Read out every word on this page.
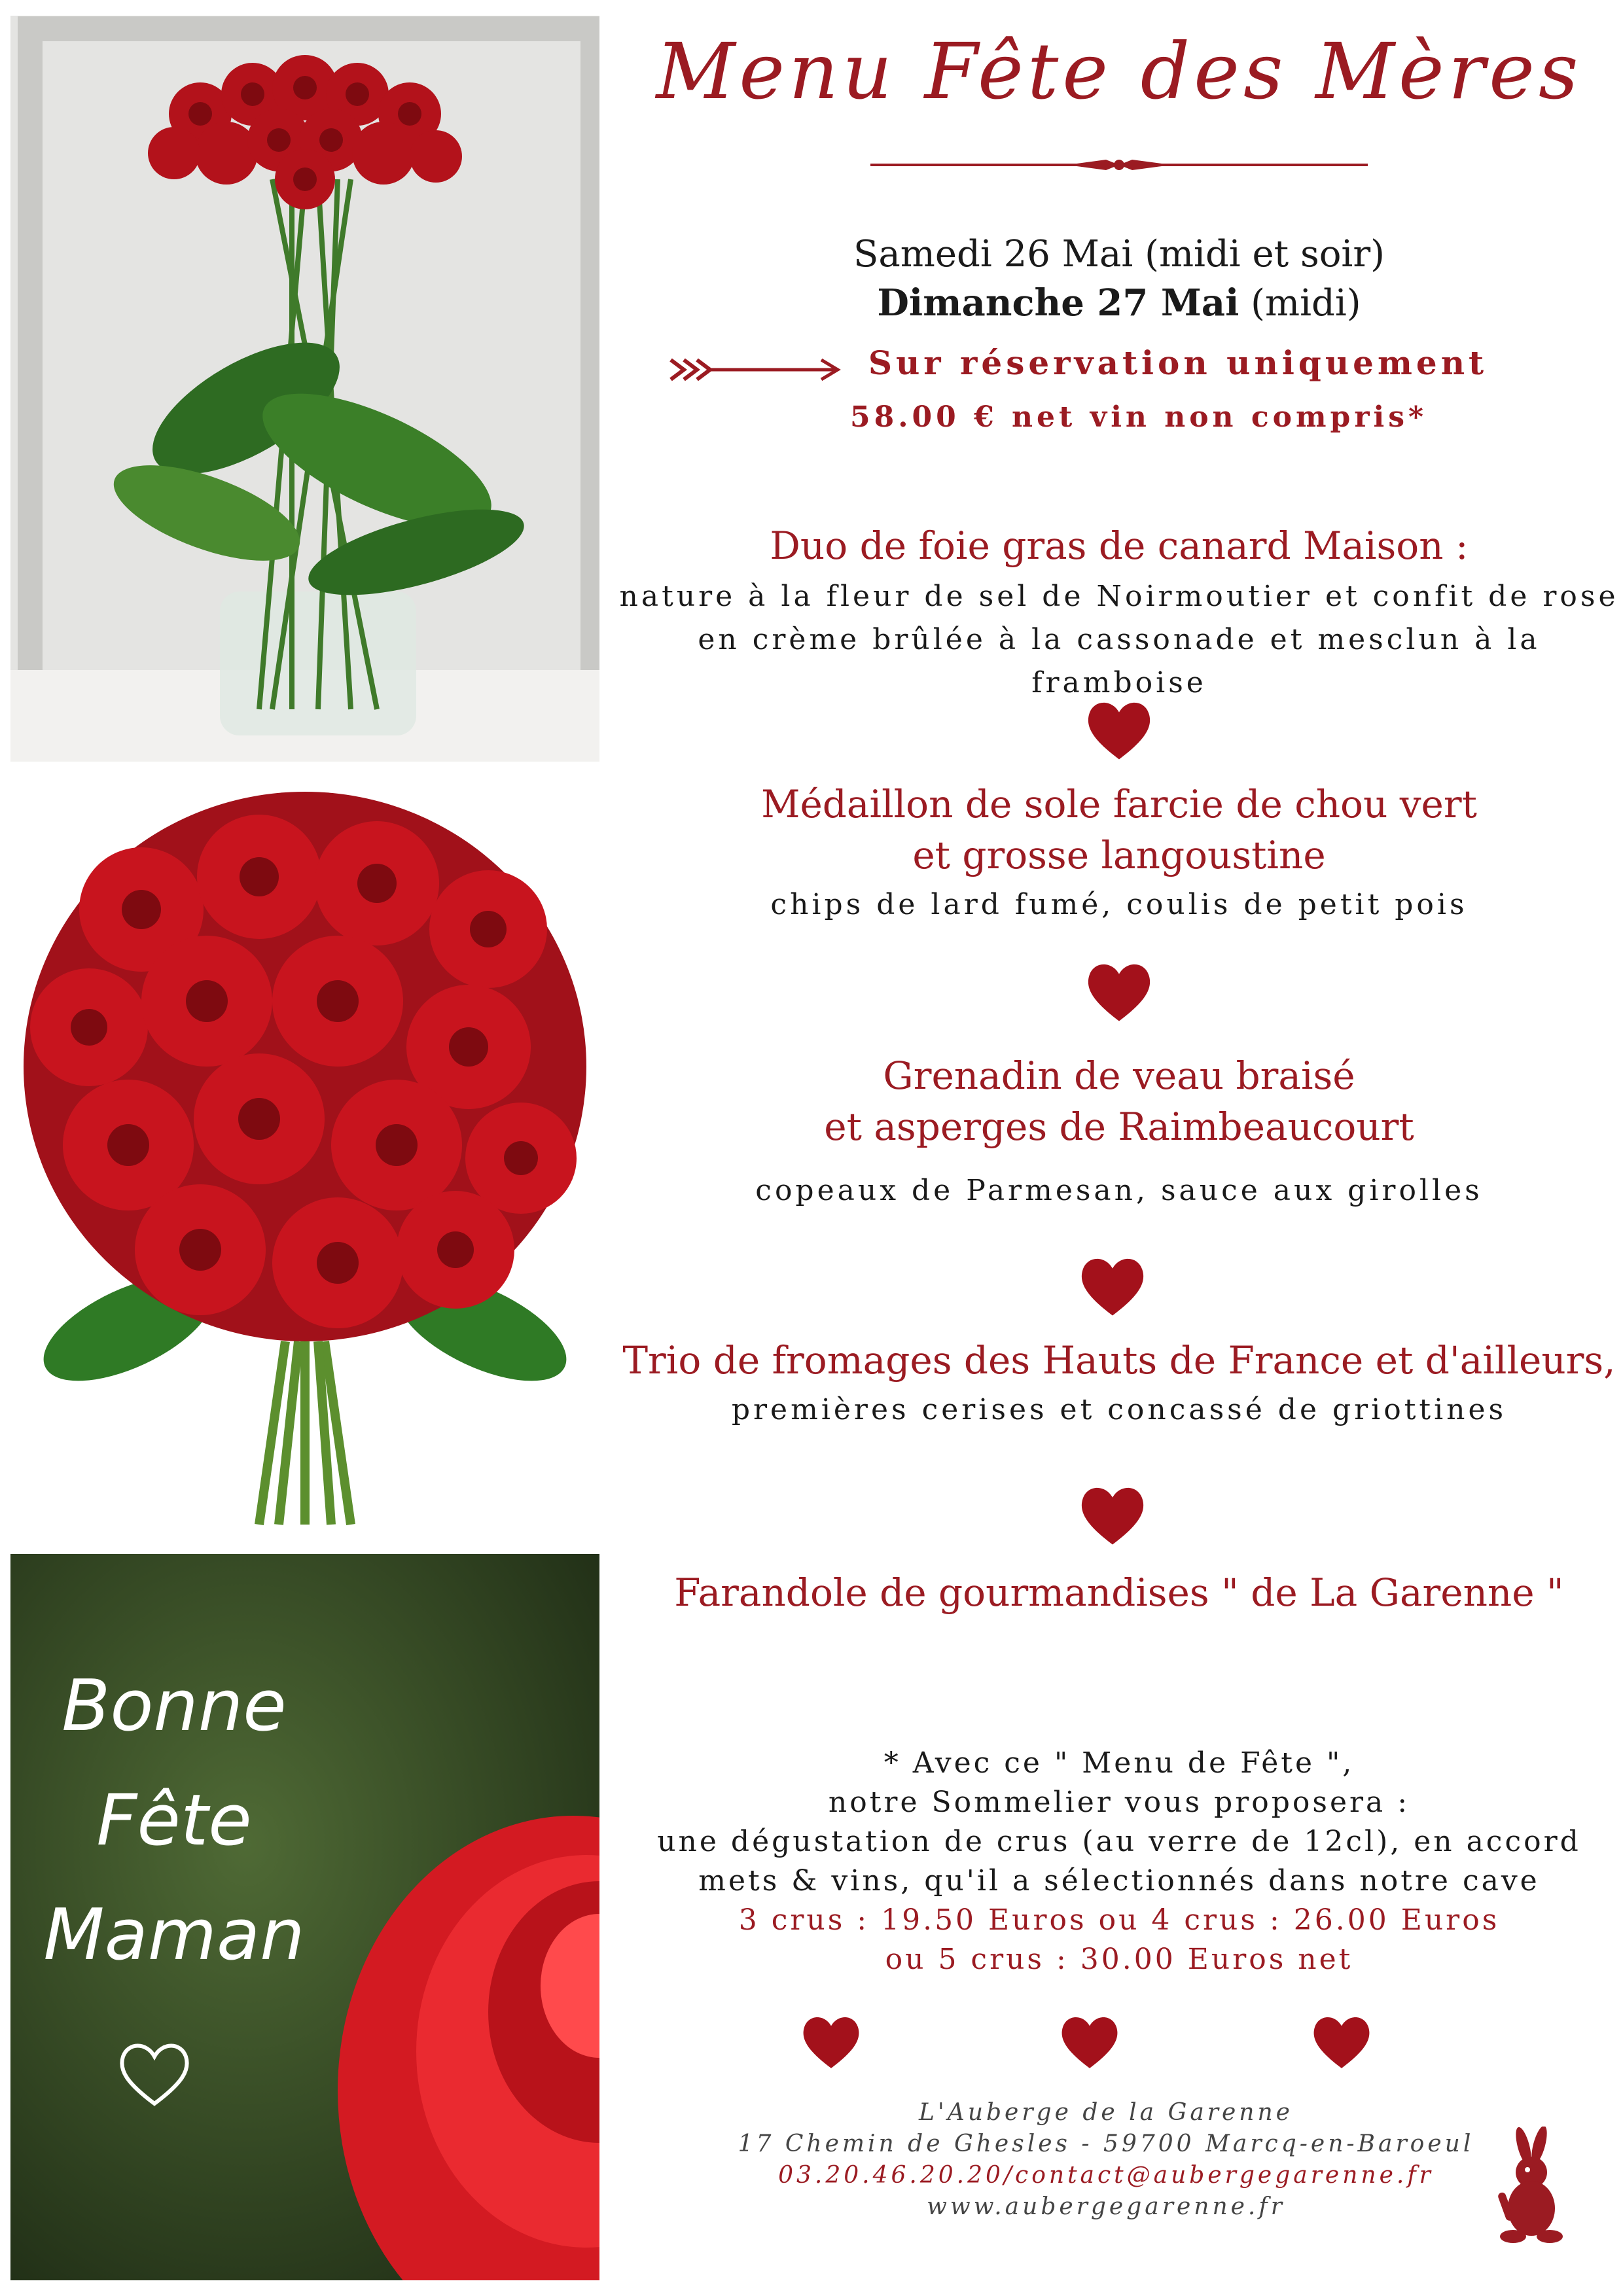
Bonne
Fête
Maman
Menu Fête des Mères
Samedi 26 Mai (midi et soir)
Dimanche 27 Mai (midi)
Sur réservation uniquement
58.00 € net vin non compris*
Duo de foie gras de canard Maison :
nature à la fleur de sel de Noirmoutier et confit de rose
en crème brûlée à la cassonade et mesclun à la framboise
Médaillon de sole farcie de chou vert
et grosse langoustine
chips de lard fumé, coulis de petit pois
Grenadin de veau braisé
et asperges de Raimbeaucourt
copeaux de Parmesan, sauce aux girolles
Trio de fromages des Hauts de France et d'ailleurs,
premières cerises et concassé de griottines
Farandole de gourmandises " de La Garenne "
* Avec ce " Menu de Fête ",
notre Sommelier vous proposera :
une dégustation de crus (au verre de 12cl), en accord
mets & vins, qu'il a sélectionnés dans notre cave
3 crus : 19.50 Euros ou 4 crus : 26.00 Euros
ou 5 crus : 30.00 Euros net
L'Auberge de la Garenne
17 Chemin de Ghesles - 59700 Marcq-en-Baroeul
03.20.46.20.20/contact@aubergegarenne.fr
www.aubergegarenne.fr
